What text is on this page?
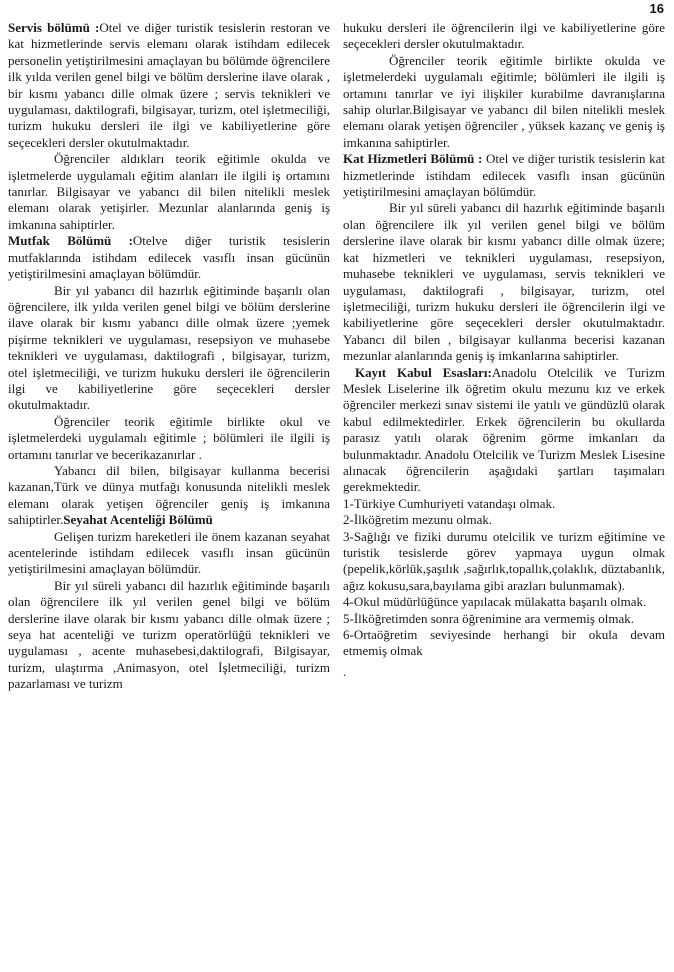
16

Servis bölümü :Otel ve diğer turistik tesislerin restoran ve kat hizmetlerinde servis elemanı olarak istihdam edilecek personelin yetiştirilmesini amaçlayan bu bölümde öğrencilere ilk yılda verilen genel bilgi ve bölüm derslerine ilave olarak , bir kısmı yabancı dille olmak üzere ; servis teknikleri ve uygulaması, daktilografi, bilgisayar, turizm, otel işletmeciliği, turizm hukuku dersleri ile ilgi ve kabiliyetlerine göre seçecekleri dersler okutulmaktadır.

Öğrenciler aldıkları teorik eğitimle okulda ve işletmelerde uygulamalı eğitim alanları ile ilgili iş ortamını tanırlar. Bilgisayar ve yabancı dil bilen nitelikli meslek elemanı olarak yetişirler. Mezunlar alanlarında geniş iş imkanına sahiptirler.

Mutfak Bölümü :Otelve diğer turistik tesislerin mutfaklarında istihdam edilecek vasıflı insan gücünün yetiştirilmesini amaçlayan bölümdür.

Bir yıl yabancı dil hazırlık eğitiminde başarılı olan öğrencilere, ilk yılda verilen genel bilgi ve bölüm derslerine ilave olarak bir kısmı yabancı dille olmak üzere ;yemek pişirme teknikleri ve uygulaması, resepsiyon ve muhasebe teknikleri ve uygulaması, daktilografi , bilgisayar, turizm, otel işletmeciliği, ve turizm hukuku dersleri ile öğrencilerin ilgi ve kabiliyetlerine göre seçecekleri dersler okutulmaktadır.

Öğrenciler teorik eğitimle birlikte okul ve işletmelerdeki uygulamalı eğitimle ; bölümleri ile ilgili iş ortamını tanırlar ve becerikazanırlar .

Yabancı dil bilen, bilgisayar kullanma becerisi kazanan,Türk ve dünya mutfağı konusunda nitelikli meslek elemanı olarak yetişen öğrenciler geniş iş imkanına sahiptirler.Seyahat Acenteliği Bölümü

Gelişen turizm hareketleri ile önem kazanan seyahat acentelerinde istihdam edilecek vasıflı insan gücünün yetiştirilmesini amaçlayan bölümdür.

Bir yıl süreli yabancı dil hazırlık eğitiminde başarılı olan öğrencilere ilk yıl verilen genel bilgi ve bölüm derslerine ilave olarak bir kısmı yabancı dille olmak üzere ; seya hat acenteliği ve turizm operatörlüğü teknikleri ve uygulaması , acente muhasebesi,daktilografi, Bilgisayar, turizm, ulaştırma ,Animasyon, otel İşletmeciliği, turizm pazarlaması ve turizm

hukuku dersleri ile öğrencilerin ilgi ve kabiliyetlerine göre seçecekleri dersler okutulmaktadır.

Öğrenciler teorik eğitimle birlikte okulda ve işletmelerdeki uygulamalı eğitimle; bölümleri ile ilgili iş ortamını tanırlar ve iyi ilişkiler kurabilme davranışlarına sahip olurlar.Bilgisayar ve yabancı dil bilen nitelikli meslek elemanı olarak yetişen öğrenciler , yüksek kazanç ve geniş iş imkanına sahiptirler.

Kat Hizmetleri Bölümü : Otel ve diğer turistik tesislerin kat hizmetlerinde istihdam edilecek vasıflı insan gücünün yetiştirilmesini amaçlayan bölümdür.

Bir yıl süreli yabancı dil hazırlık eğitiminde başarılı olan öğrencilere ilk yıl verilen genel bilgi ve bölüm derslerine ilave olarak bir kısmı yabancı dille olmak üzere; kat hizmetleri ve teknikleri uygulaması, resepsiyon, muhasebe teknikleri ve uygulaması, servis teknikleri ve uygulaması, daktilografi , bilgisayar, turizm, otel işletmeciliği, turizm hukuku dersleri ile öğrencilerin ilgi ve kabiliyetlerine göre seçecekleri dersler okutulmaktadır. Yabancı dil bilen , bilgisayar kullanma becerisi kazanan mezunlar alanlarında geniş iş imkanlarına sahiptirler.

Kayıt Kabul Esasları:Anadolu Otelcilik ve Turizm Meslek Liselerine ilk öğretim okulu mezunu kız ve erkek öğrenciler merkezi sınav sistemi ile yatılı ve gündüzlü olarak kabul edilmektedirler. Erkek öğrencilerin bu okullarda parasız yatılı olarak öğrenim görme imkanları da bulunmaktadır. Anadolu Otelcilik ve Turizm Meslek Lisesine alınacak öğrencilerin aşağıdaki şartları taşımaları gerekmektedir.

1-Türkiye Cumhuriyeti vatandaşı olmak.

2-İlköğretim mezunu olmak.

3-Sağlığı ve fiziki durumu otelcilik ve turizm eğitimine ve turistik tesislerde görev yapmaya uygun olmak (pepelik,körlük,şaşılık ,sağırlık,topallık,çolaklık, düztabanlık, ağız kokusu,sara,bayılama gibi arazları bulunmamak).

4-Okul müdürlüğünce yapılacak mülakatta başarılı olmak.

5-İlköğretimden sonra öğrenimine ara vermemiş olmak.

6-Ortaöğretim seviyesinde herhangi bir okula devam etmemiş olmak

.
